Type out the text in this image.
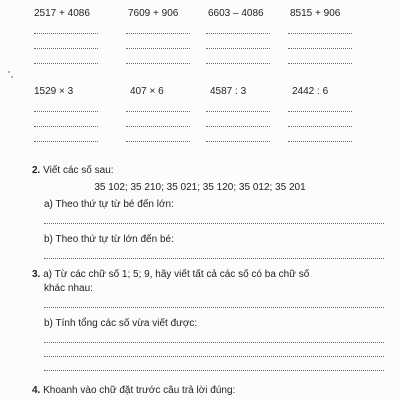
2517 + 4086	7609 + 906	6603 – 4086	8515 + 906
1529 × 3	407 × 6	4587 : 3	2442 : 6
2. Viết các số sau:
35 102; 35 210; 35 021; 35 120; 35 012; 35 201
a) Theo thứ tự từ bé đến lớn:
b) Theo thứ tự từ lớn đến bé:
3. a) Từ các chữ số 1; 5; 9, hãy viết tất cả các số có ba chữ số
khác nhau:
b) Tính tổng các số vừa viết được:
4. Khoanh vào chữ đặt trước câu trả lời đúng:
